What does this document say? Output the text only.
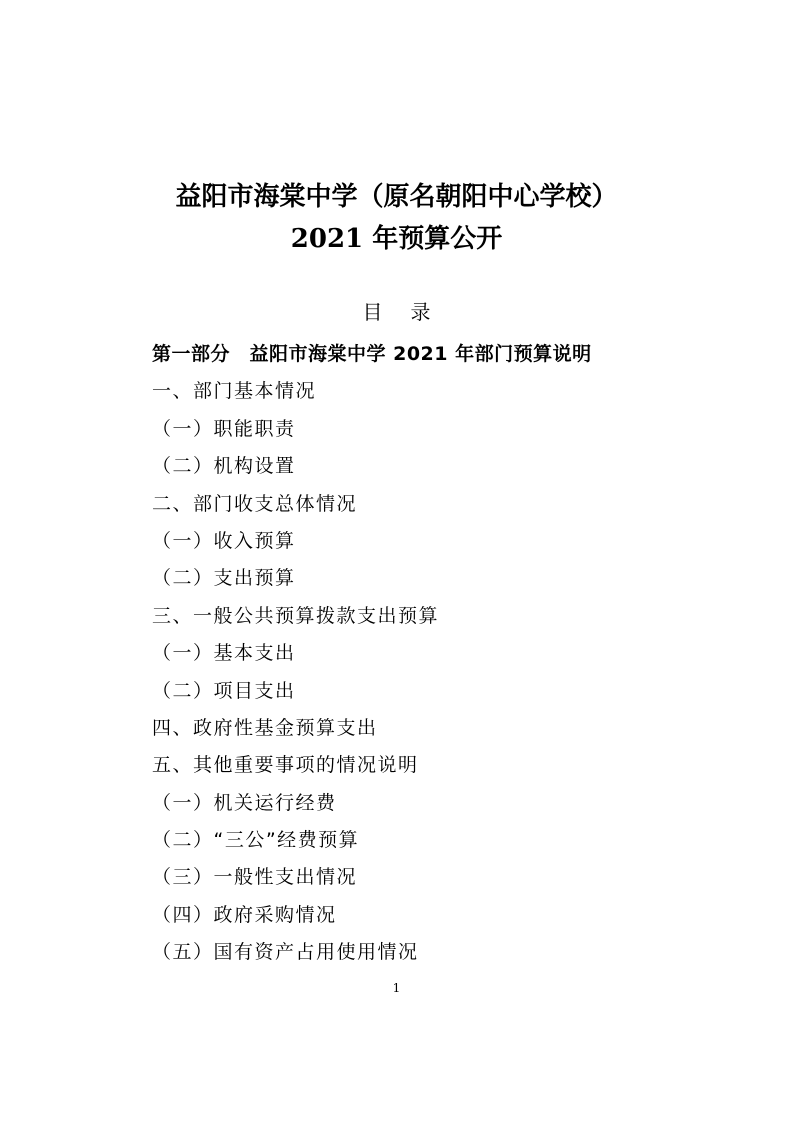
益阳市海棠中学（原名朝阳中心学校）
2021 年预算公开
目录
第一部分　益阳市海棠中学 2021 年部门预算说明
一、部门基本情况
（一）职能职责
（二）机构设置
二、部门收支总体情况
（一）收入预算
（二）支出预算
三、一般公共预算拨款支出预算
（一）基本支出
（二）项目支出
四、政府性基金预算支出
五、其他重要事项的情况说明
（一）机关运行经费
（二）“三公”经费预算
（三）一般性支出情况
（四）政府采购情况
（五）国有资产占用使用情况
1
